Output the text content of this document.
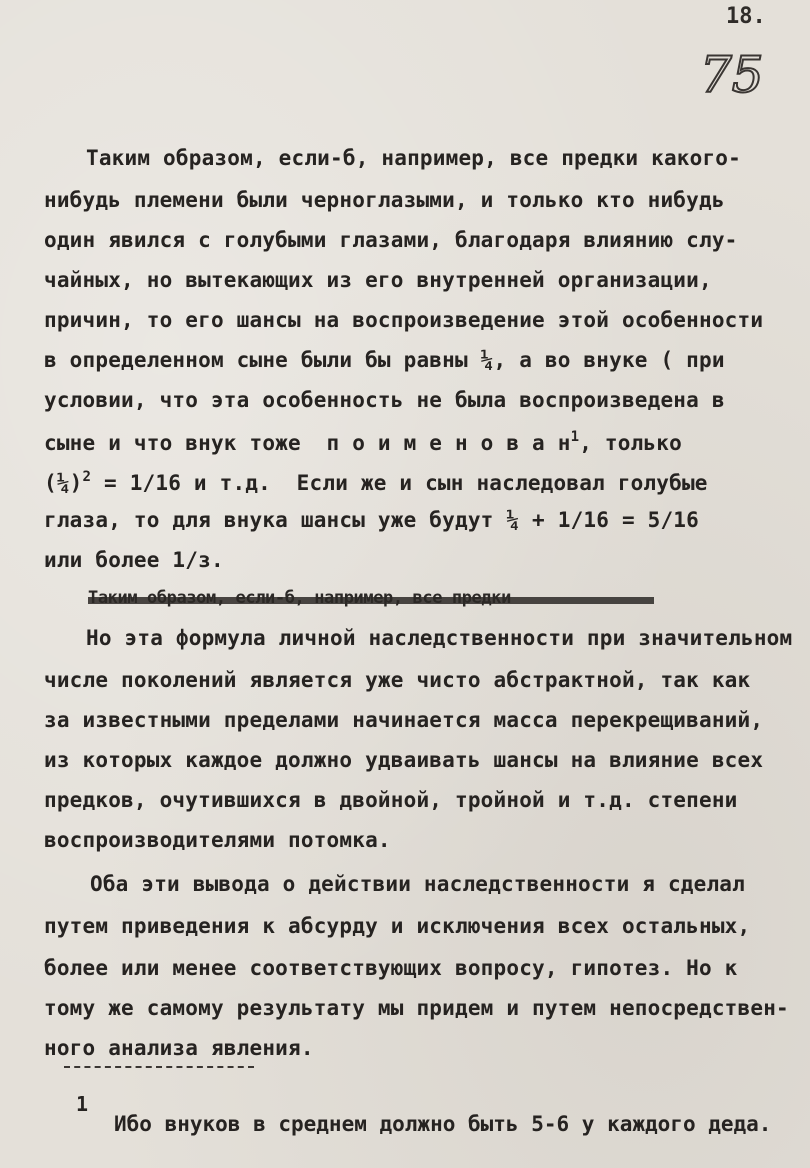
18.
75
Таким образом, если-б, например, все предки какого-
нибудь племени были черноглазыми, и только кто нибудь
один явился с голубыми глазами, благодаря влиянию слу-
чайных, но вытекающих из его внутренней организации,
причин, то его шансы на воспроизведение этой особенности
в определенном сыне были бы равны ¼, а во внуке ( при
условии, что эта особенность не была воспроизведена в
сыне и что внук тоже  п о и м е н о в а $н^1$, только
(¼)$^2$ = 1/16 и т.д.  Если же и сын наследовал голубые
глаза, то для внука шансы уже будут ¼ + 1/16 = 5/16
или более 1/з.
Но эта формула личной наследственности при значительном
числе поколений является уже чисто абстрактной, так как
за известными пределами начинается масса перекрещиваний,
из которых каждое должно удваивать шансы на влияние всех
предков, очутившихся в двойной, тройной и т.д. степени
воспроизводителями потомка.
Оба эти вывода о действии наследственности я сделал
путем приведения к абсурду и исключения всех остальных,
более или менее соответствующих вопросу, гипотез. Но к
тому же самому результату мы придем и путем непосредствен-
ного анализа явления.
1
Ибо внуков в среднем должно быть 5-6 у каждого деда.
